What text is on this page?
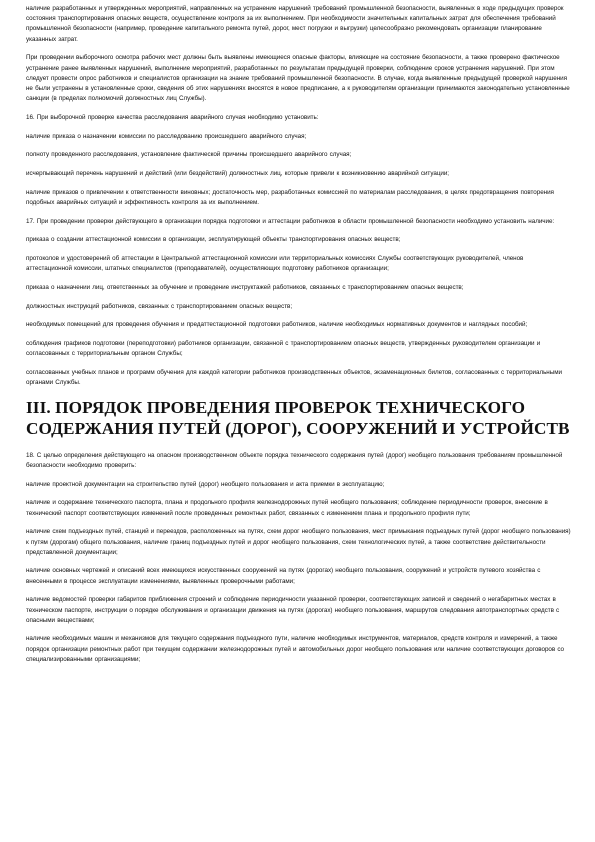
наличие разработанных и утвержденных мероприятий, направленных на устранение нарушений требований промышленной безопасности, выявленных в ходе предыдущих проверок состояния транспортирования опасных веществ, осуществление контроля за их выполнением. При необходимости значительных капитальных затрат для обеспечения требований промышленной безопасности (например, проведение капитального ремонта путей, дорог, мест погрузки и выгрузки) целесообразно рекомендовать организации планирование указанных затрат.

При проведении выборочного осмотра рабочих мест должны быть выявлены имеющиеся опасные факторы, влияющие на состояние безопасности, а также проверено фактическое устранение ранее выявленных нарушений, выполнение мероприятий, разработанных по результатам предыдущей проверки, соблюдение сроков устранения нарушений. При этом следует провести опрос работников и специалистов организации на знание требований промышленной безопасности. В случае, когда выявленные предыдущей проверкой нарушения не были устранены в установленные сроки, сведения об этих нарушениях вносятся в новое предписание, а к руководителям организации принимаются законодательно установленные санкции (в пределах полномочий должностных лиц Службы).

16. При выборочной проверке качества расследования аварийного случая необходимо установить:

наличие приказа о назначении комиссии по расследованию происшедшего аварийного случая;

полноту проведенного расследования, установление фактической причины происшедшего аварийного случая;

исчерпывающий перечень нарушений и действий (или бездействий) должностных лиц, которые привели к возникновению аварийной ситуации;

наличие приказов о привлечении к ответственности виновных; достаточность мер, разработанных комиссией по материалам расследования, в целях предотвращения повторения подобных аварийных ситуаций и эффективность контроля за их выполнением.

17. При проведении проверки действующего в организации порядка подготовки и аттестации работников в области промышленной безопасности необходимо установить наличие:

приказа о создании аттестационной комиссии в организации, эксплуатирующей объекты транспортирования опасных веществ;

протоколов и удостоверений об аттестации в Центральной аттестационной комиссии или территориальных комиссиях Службы соответствующих руководителей, членов аттестационной комиссии, штатных специалистов (преподавателей), осуществляющих подготовку работников организации;

приказа о назначении лиц, ответственных за обучение и проведение инструктажей работников, связанных с транспортированием опасных веществ;

должностных инструкций работников, связанных с транспортированием опасных веществ;

необходимых помещений для проведения обучения и предаттестационной подготовки работников, наличие необходимых нормативных документов и наглядных пособий;

соблюдения графиков подготовки (переподготовки) работников организации, связанной с транспортированием опасных веществ, утвержденных руководителем организации и согласованных с территориальным органом Службы;

согласованных учебных планов и программ обучения для каждой категории работников производственных объектов, экзаменационных билетов, согласованных с территориальными органами Службы.

III. ПОРЯДОК ПРОВЕДЕНИЯ ПРОВЕРОК ТЕХНИЧЕСКОГО СОДЕРЖАНИЯ ПУТЕЙ (ДОРОГ), СООРУЖЕНИЙ И УСТРОЙСТВ

18. С целью определения действующего на опасном производственном объекте порядка технического содержания путей (дорог) необщего пользования требованиям промышленной безопасности необходимо проверить:

наличие проектной документации на строительство путей (дорог) необщего пользования и акта приемки в эксплуатацию;

наличие и содержание технического паспорта, плана и продольного профиля железнодорожных путей необщего пользования; соблюдение периодичности проверок, внесение в технический паспорт соответствующих изменений после проведенных ремонтных работ, связанных с изменением плана и продольного профиля пути;

наличие схем подъездных путей, станций и переездов, расположенных на путях, схем дорог необщего пользования, мест примыкания подъездных путей (дорог необщего пользования) к путям (дорогам) общего пользования, наличие границ подъездных путей и дорог необщего пользования, схем технологических путей, а также соответствие действительности представленной документации;

наличие основных чертежей и описаний всех имеющихся искусственных сооружений на путях (дорогах) необщего пользования, сооружений и устройств путевого хозяйства с внесенными в процессе эксплуатации изменениями, выявленных проверочными работами;

наличие ведомостей проверки габаритов приближения строений и соблюдение периодичности указанной проверки, соответствующих записей и сведений о негабаритных местах в техническом паспорте, инструкции о порядке обслуживания и организации движения на путях (дорогах) необщего пользования, маршрутов следования автотранспортных средств с опасными веществами;

наличие необходимых машин и механизмов для текущего содержания подъездного пути, наличие необходимых инструментов, материалов, средств контроля и измерений, а также порядок организации ремонтных работ при текущем содержании железнодорожных путей и автомобильных дорог необщего пользования или наличие соответствующих договоров со специализированными организациями;
